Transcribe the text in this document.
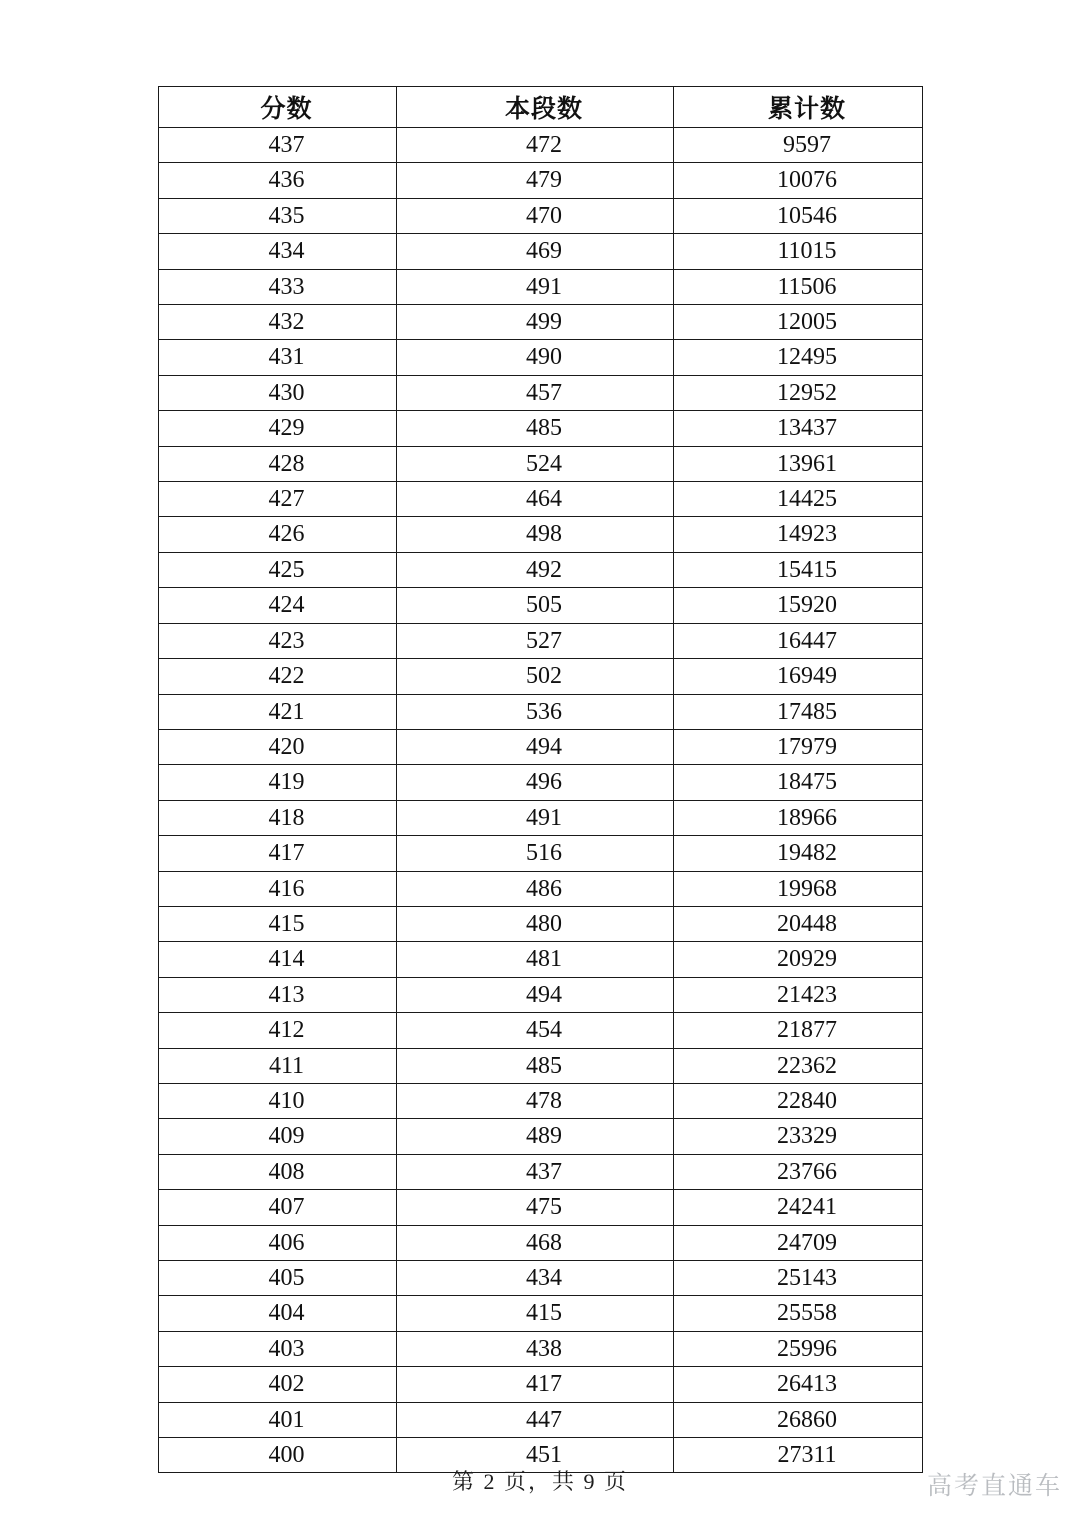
分数	本段数	累计数
437	472	9597
436	479	10076
435	470	10546
434	469	11015
433	491	11506
432	499	12005
431	490	12495
430	457	12952
429	485	13437
428	524	13961
427	464	14425
426	498	14923
425	492	15415
424	505	15920
423	527	16447
422	502	16949
421	536	17485
420	494	17979
419	496	18475
418	491	18966
417	516	19482
416	486	19968
415	480	20448
414	481	20929
413	494	21423
412	454	21877
411	485	22362
410	478	22840
409	489	23329
408	437	23766
407	475	24241
406	468	24709
405	434	25143
404	415	25558
403	438	25996
402	417	26413
401	447	26860
400	451	27311
第 2 页，共 9 页	高考直通车
